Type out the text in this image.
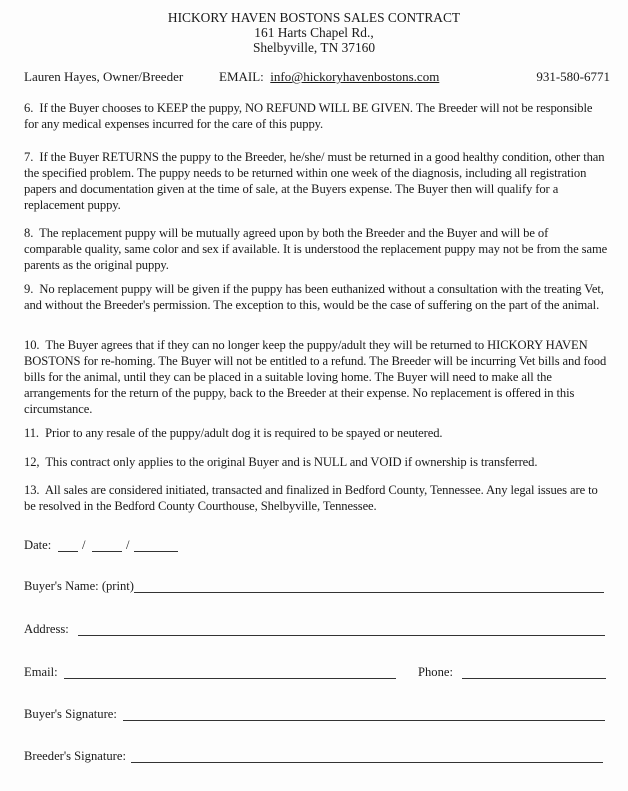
HICKORY HAVEN BOSTONS SALES CONTRACT
161 Harts Chapel Rd.,
Shelbyville, TN 37160
Lauren Hayes, Owner/Breeder	EMAIL: info@hickoryhavenbostons.com	931-580-6771
6. If the Buyer chooses to KEEP the puppy, NO REFUND WILL BE GIVEN. The Breeder will not be responsible for any medical expenses incurred for the care of this puppy.
7. If the Buyer RETURNS the puppy to the Breeder, he/she/ must be returned in a good healthy condition, other than the specified problem. The puppy needs to be returned within one week of the diagnosis, including all registration papers and documentation given at the time of sale, at the Buyers expense. The Buyer then will qualify for a replacement puppy.
8. The replacement puppy will be mutually agreed upon by both the Breeder and the Buyer and will be of comparable quality, same color and sex if available. It is understood the replacement puppy may not be from the same parents as the original puppy.
9. No replacement puppy will be given if the puppy has been euthanized without a consultation with the treating Vet, and without the Breeder's permission. The exception to this, would be the case of suffering on the part of the animal.
10. The Buyer agrees that if they can no longer keep the puppy/adult they will be returned to HICKORY HAVEN BOSTONS for re-homing. The Buyer will not be entitled to a refund. The Breeder will be incurring Vet bills and food bills for the animal, until they can be placed in a suitable loving home. The Buyer will need to make all the arrangements for the return of the puppy, back to the Breeder at their expense. No replacement is offered in this circumstance.
11. Prior to any resale of the puppy/adult dog it is required to be spayed or neutered.
12, This contract only applies to the original Buyer and is NULL and VOID if ownership is transferred.
13. All sales are considered initiated, transacted and finalized in Bedford County, Tennessee. Any legal issues are to be resolved in the Bedford County Courthouse, Shelbyville, Tennessee.
Date: /	/
Buyer's Name: (print)
Address:
Email:	Phone:
Buyer's Signature:
Breeder's Signature:
